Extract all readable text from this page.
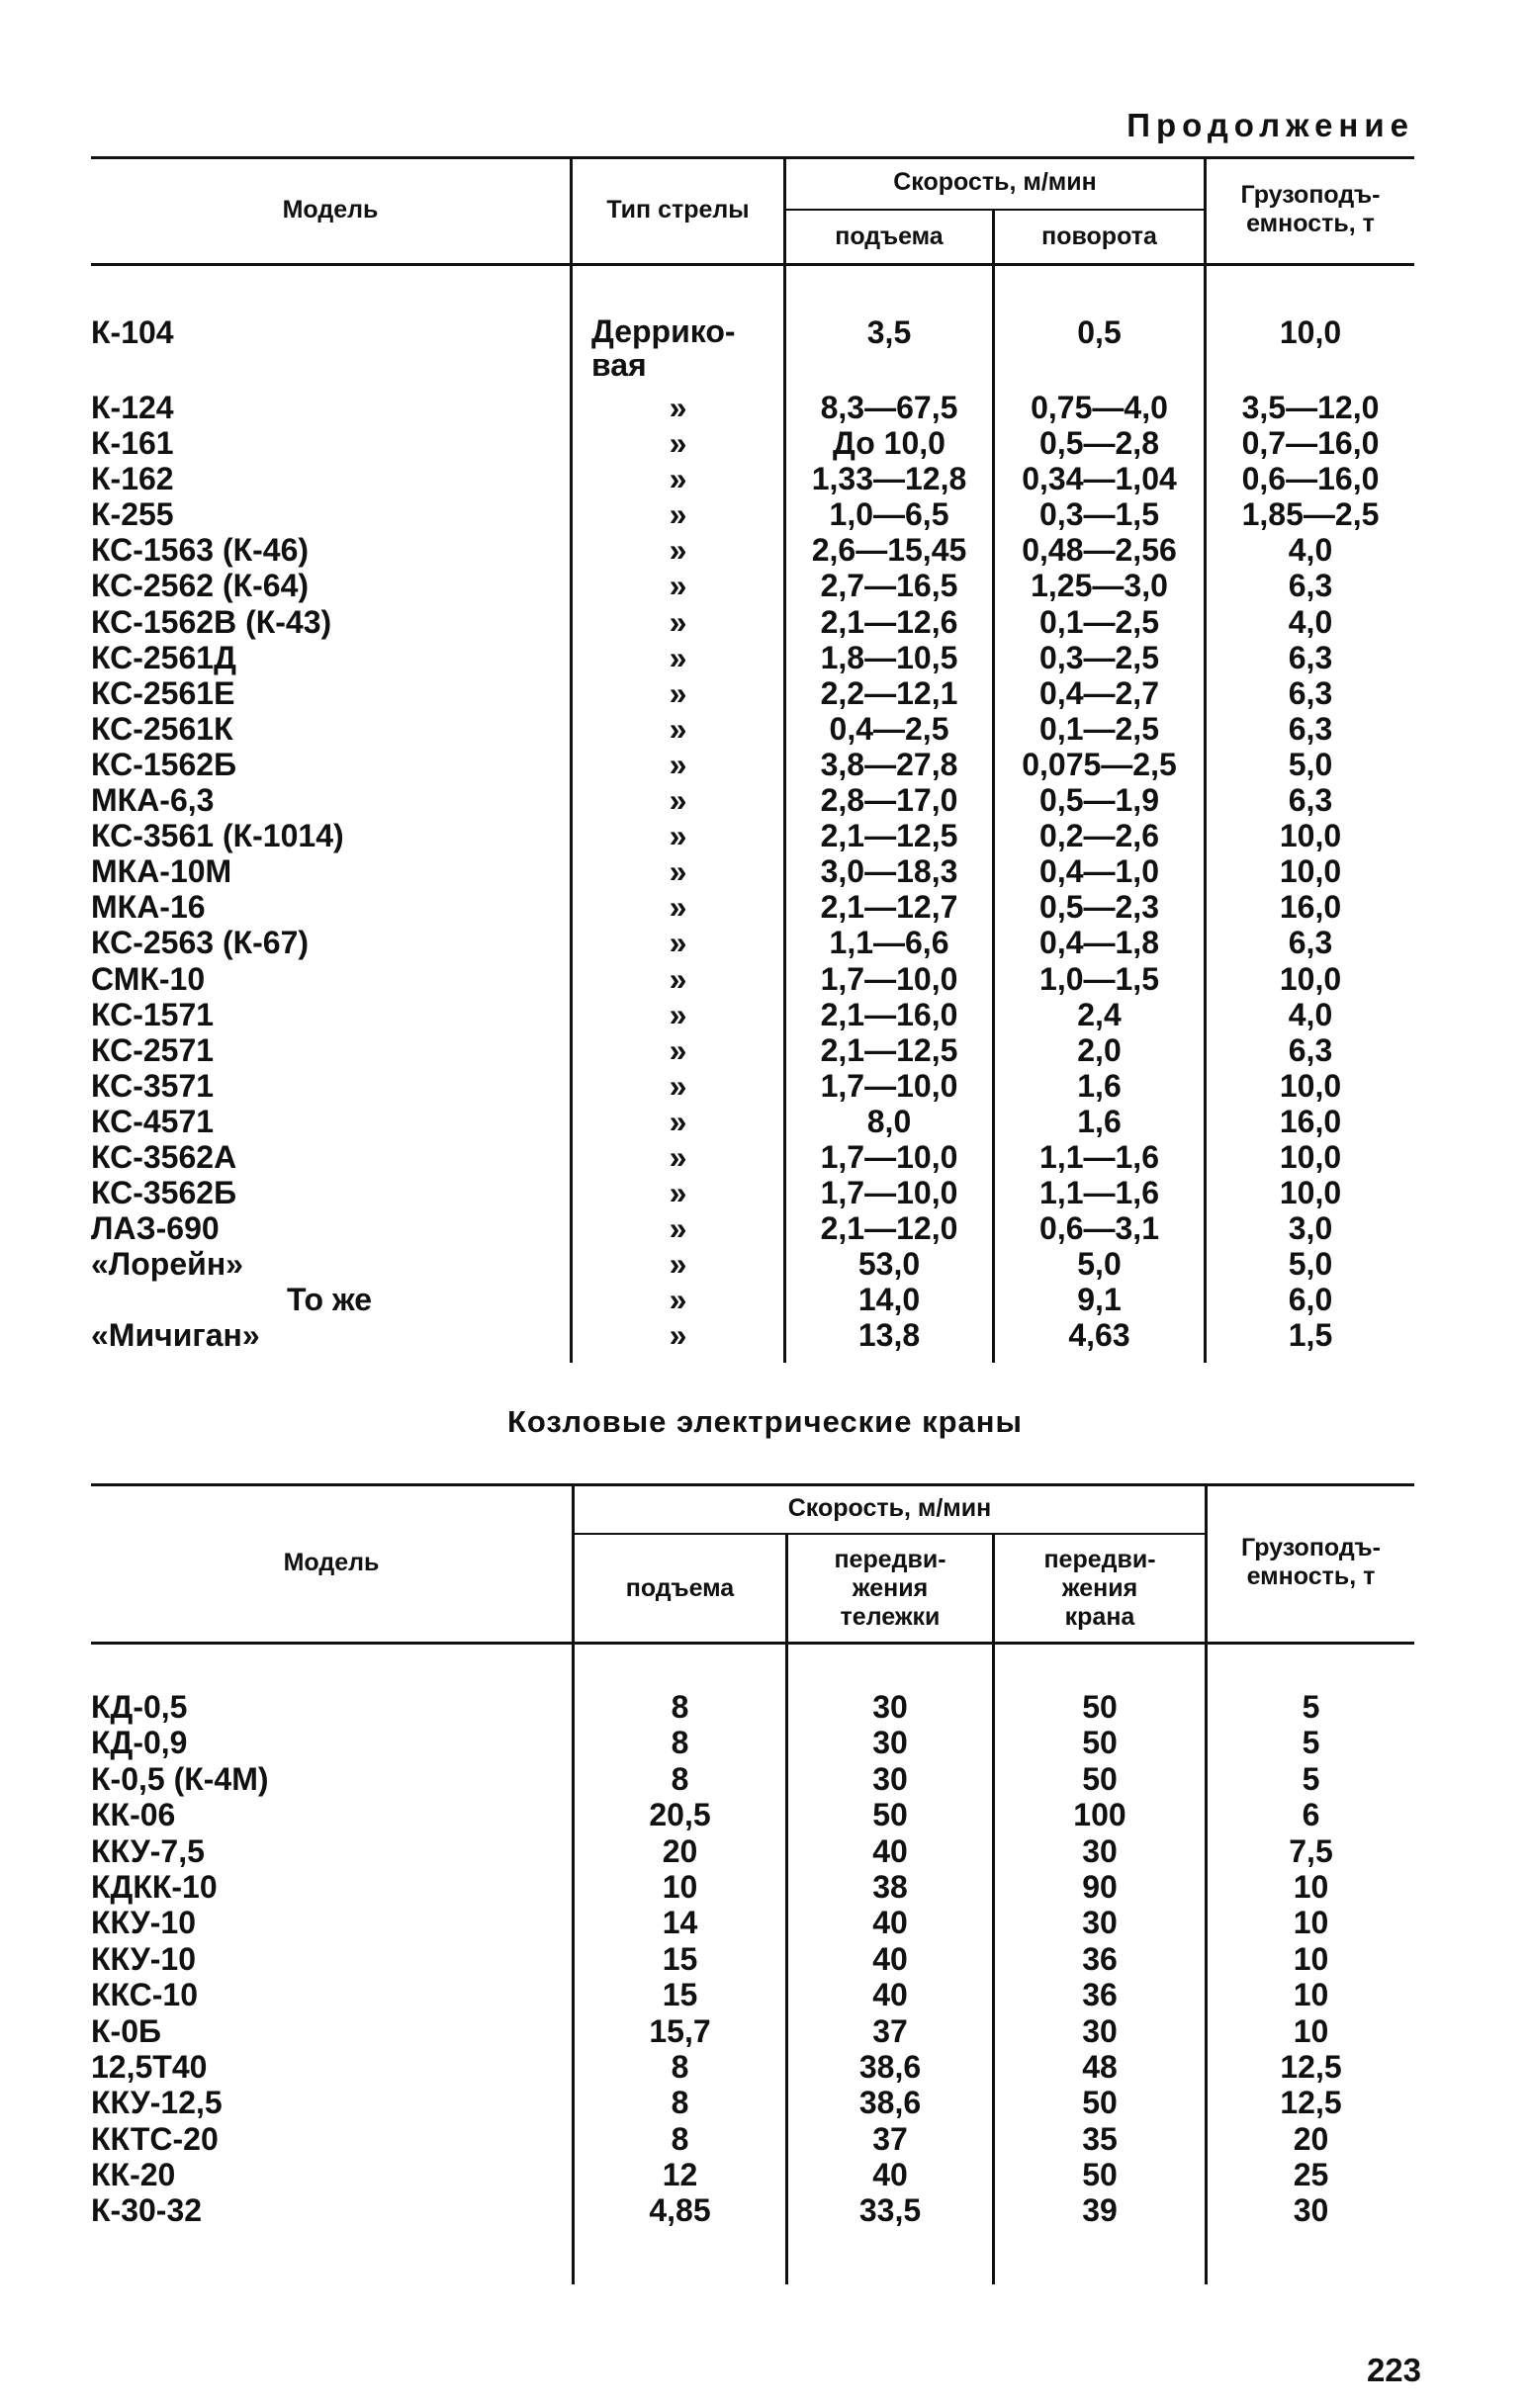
Продолжение
Модель	Тип стрелы
Скорость, м/мин
подъема	поворота
Грузоподъ-
емность, т
К-104	Деррико-
вая
3,5	0,5	10,0
К-124	»	8,3—67,5	0,75—4,0	3,5—12,0
К-161	»	До 10,0	0,5—2,8	0,7—16,0
К-162	»	1,33—12,8	0,34—1,04	0,6—16,0
К-255	»	1,0—6,5	0,3—1,5	1,85—2,5
КС-1563 (К-46)	»	2,6—15,45	0,48—2,56	4,0
КС-2562 (К-64)	»	2,7—16,5	1,25—3,0	6,3
КС-1562В (К-43)	»	2,1—12,6	0,1—2,5	4,0
КС-2561Д	»	1,8—10,5	0,3—2,5	6,3
КС-2561Е	»	2,2—12,1	0,4—2,7	6,3
КС-2561К	»	0,4—2,5	0,1—2,5	6,3
КС-1562Б	»	3,8—27,8	0,075—2,5	5,0
МКА-6,3	»	2,8—17,0	0,5—1,9	6,3
КС-3561 (К-1014)	»	2,1—12,5	0,2—2,6	10,0
МКА-10М	»	3,0—18,3	0,4—1,0	10,0
МКА-16	»	2,1—12,7	0,5—2,3	16,0
КС-2563 (К-67)	»	1,1—6,6	0,4—1,8	6,3
СМК-10	»	1,7—10,0	1,0—1,5	10,0
КС-1571	»	2,1—16,0	2,4	4,0
КС-2571	»	2,1—12,5	2,0	6,3
КС-3571	»	1,7—10,0	1,6	10,0
КС-4571	»	8,0	1,6	16,0
КС-3562А	»	1,7—10,0	1,1—1,6	10,0
КС-3562Б	»	1,7—10,0	1,1—1,6	10,0
ЛАЗ-690	»	2,1—12,0	0,6—3,1	3,0
«Лорейн»	»	53,0	5,0	5,0
То же	»	14,0	9,1	6,0
«Мичиган»	»	13,8	4,63	1,5
Козловые электрические краны
Модель
Скорость, м/мин
подъема
передви-
жения
тележки
передви-
жения
крана
Грузоподъ-
емность, т
КД-0,5	8	30	50	5
КД-0,9	8	30	50	5
К-0,5 (К-4М)	8	30	50	5
КК-06	20,5	50	100	6
ККУ-7,5	20	40	30	7,5
КДКК-10	10	38	90	10
ККУ-10	14	40	30	10
ККУ-10	15	40	36	10
ККС-10	15	40	36	10
К-0Б	15,7	37	30	10
12,5Т40	8	38,6	48	12,5
ККУ-12,5	8	38,6	50	12,5
ККТС-20	8	37	35	20
КК-20	12	40	50	25
К-30-32	4,85	33,5	39	30
223
